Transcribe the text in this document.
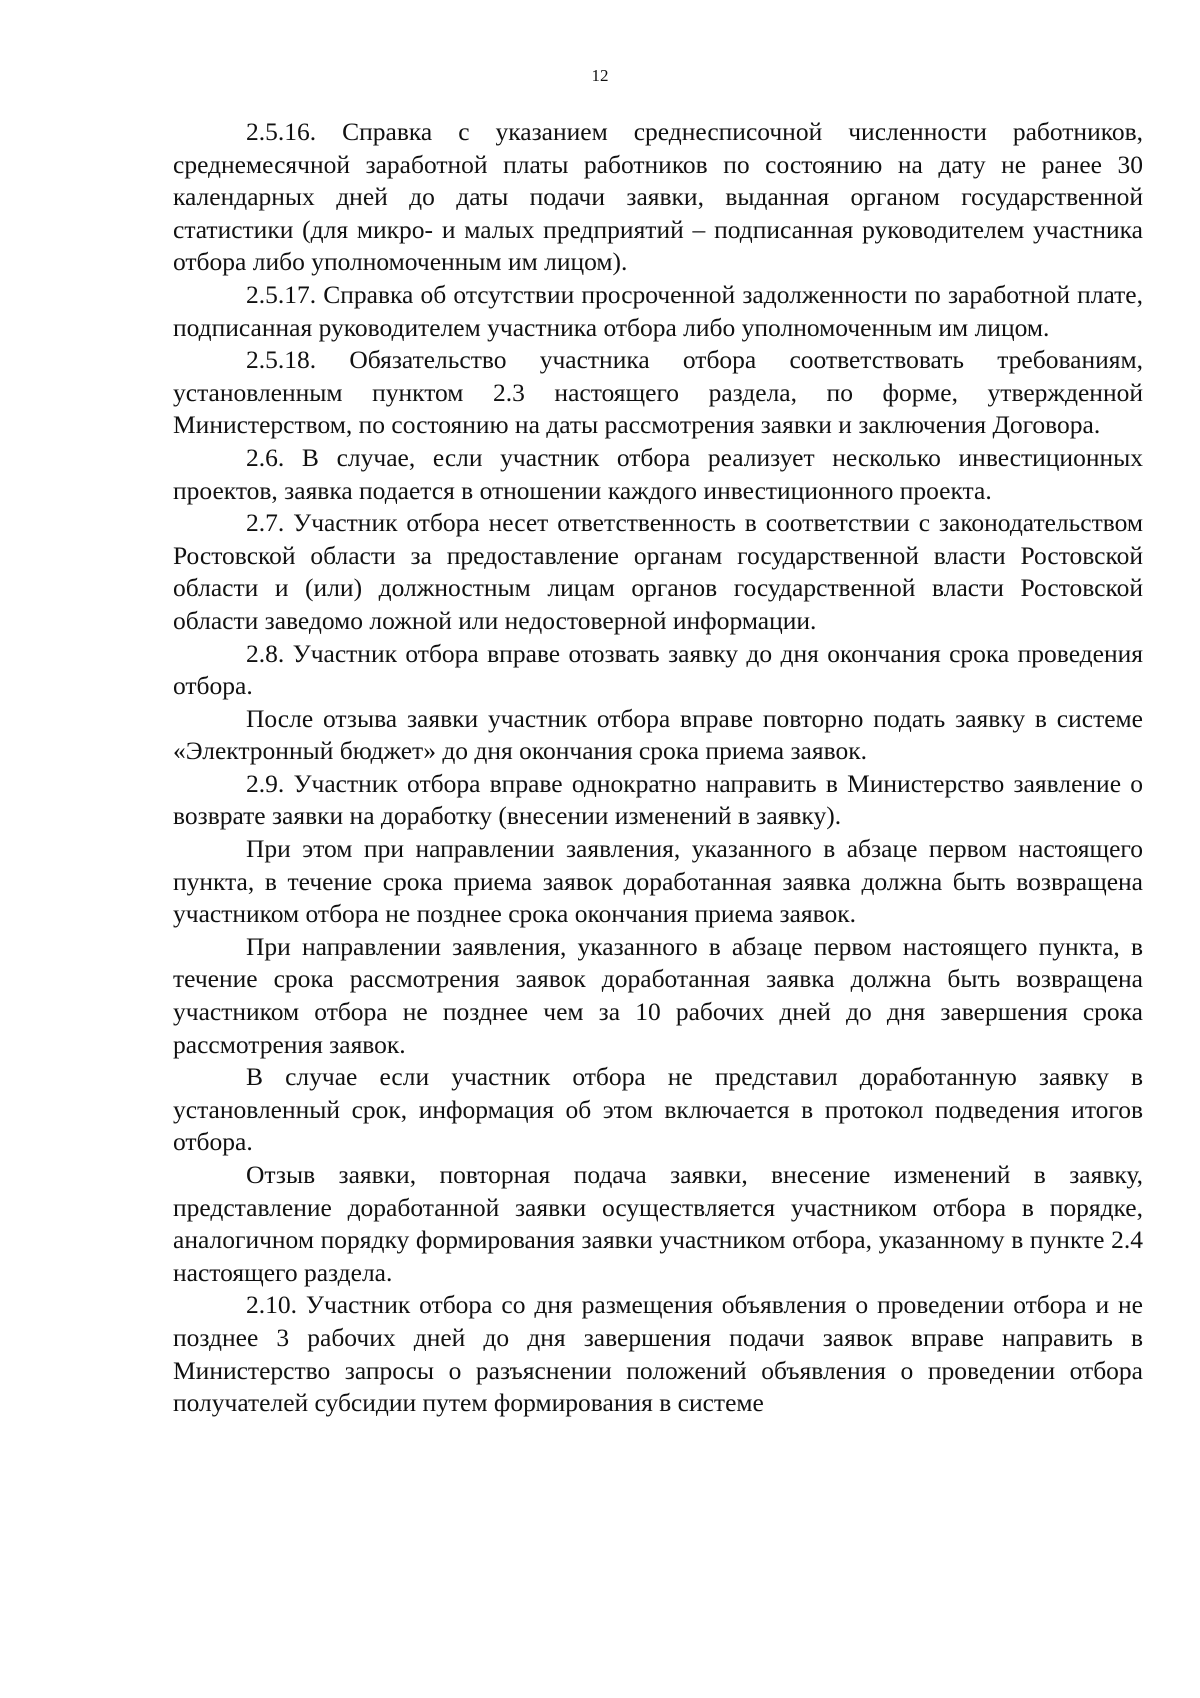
12

2.5.16. Справка с указанием среднесписочной численности работников, среднемесячной заработной платы работников по состоянию на дату не ранее 30 календарных дней до даты подачи заявки, выданная органом государственной статистики (для микро- и малых предприятий – подписанная руководителем участника отбора либо уполномоченным им лицом).

2.5.17. Справка об отсутствии просроченной задолженности по заработной плате, подписанная руководителем участника отбора либо уполномоченным им лицом.

2.5.18. Обязательство участника отбора соответствовать требованиям, установленным пунктом 2.3 настоящего раздела, по форме, утвержденной Министерством, по состоянию на даты рассмотрения заявки и заключения Договора.

2.6. В случае, если участник отбора реализует несколько инвестиционных проектов, заявка подается в отношении каждого инвестиционного проекта.

2.7. Участник отбора несет ответственность в соответствии с законодательством Ростовской области за предоставление органам государственной власти Ростовской области и (или) должностным лицам органов государственной власти Ростовской области заведомо ложной или недостоверной информации.

2.8. Участник отбора вправе отозвать заявку до дня окончания срока проведения отбора.

После отзыва заявки участник отбора вправе повторно подать заявку в системе «Электронный бюджет» до дня окончания срока приема заявок.

2.9. Участник отбора вправе однократно направить в Министерство заявление о возврате заявки на доработку (внесении изменений в заявку).

При этом при направлении заявления, указанного в абзаце первом настоящего пункта, в течение срока приема заявок доработанная заявка должна быть возвращена участником отбора не позднее срока окончания приема заявок.

При направлении заявления, указанного в абзаце первом настоящего пункта, в течение срока рассмотрения заявок доработанная заявка должна быть возвращена участником отбора не позднее чем за 10 рабочих дней до дня завершения срока рассмотрения заявок.

В случае если участник отбора не представил доработанную заявку в установленный срок, информация об этом включается в протокол подведения итогов отбора.

Отзыв заявки, повторная подача заявки, внесение изменений в заявку, представление доработанной заявки осуществляется участником отбора в порядке, аналогичном порядку формирования заявки участником отбора, указанному в пункте 2.4 настоящего раздела.

2.10. Участник отбора со дня размещения объявления о проведении отбора и не позднее 3 рабочих дней до дня завершения подачи заявок вправе направить в Министерство запросы о разъяснении положений объявления о проведении отбора получателей субсидии путем формирования в системе
